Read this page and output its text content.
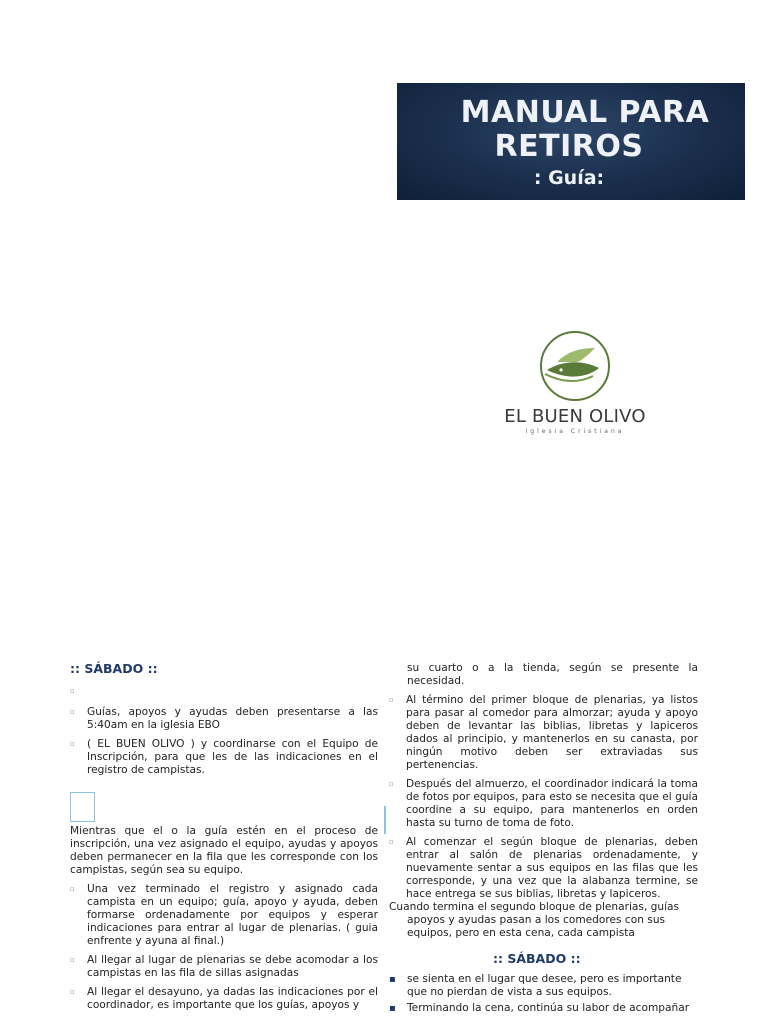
MANUAL PARA
RETIROS
: Guía:
EL BUEN OLIVO
Iglesia Cristiana

:: SÁBADO ::

▫

▫ Guías, apoyos y ayudas deben presentarse a las 5:40am en la iglesia EBO
▫ ( EL BUEN OLIVO ) y coordinarse con el Equipo de Inscripción, para que les de las indicaciones en el registro de campistas.

Mientras que el o la guía estén en el proceso de inscripción, una vez asignado el equipo, ayudas y apoyos deben permanecer en la fila que les corresponde con los campistas, según sea su equipo.

▫ Una vez terminado el registro y asignado cada campista en un equipo; guía, apoyo y ayuda, deben formarse ordenadamente por equipos y esperar indicaciones para entrar al lugar de plenarias. ( guia enfrente y ayuna al final.)
▫ Al llegar al lugar de plenarias se debe acomodar a los campistas en las fila de sillas asignadas
▫ Al llegar el desayuno, ya dadas las indicaciones por el coordinador, es importante que los guías, apoyos y

su cuarto o a la tienda, según se presente la necesidad.

▫ Al término del primer bloque de plenarias, ya listos para pasar al comedor para almorzar; ayuda y apoyo deben de levantar las biblias, libretas y lapiceros dados al principio, y mantenerlos en su canasta, por ningún motivo deben ser extraviadas sus pertenencias.
▫ Después del almuerzo, el coordinador indicará la toma de fotos por equipos, para esto se necesita que el guía coordine a su equipo, para mantenerlos en orden hasta su turno de toma de foto.
▫ Al comenzar el según bloque de plenarias, deben entrar al salón de plenarias ordenadamente, y nuevamente sentar a sus equipos en las filas que les corresponde, y una vez que la alabanza termine, se hace entrega se sus biblias, libretas y lapiceros.

Cuando termina el segundo bloque de plenarias, guías

apoyos y ayudas pasan a los comedores con sus equipos, pero en esta cena, cada campista

:: SÁBADO ::

▪ se sienta en el lugar que desee, pero es importante que no pierdan de vista a sus equipos.
▪ Terminando la cena, continúa su labor de acompañar
